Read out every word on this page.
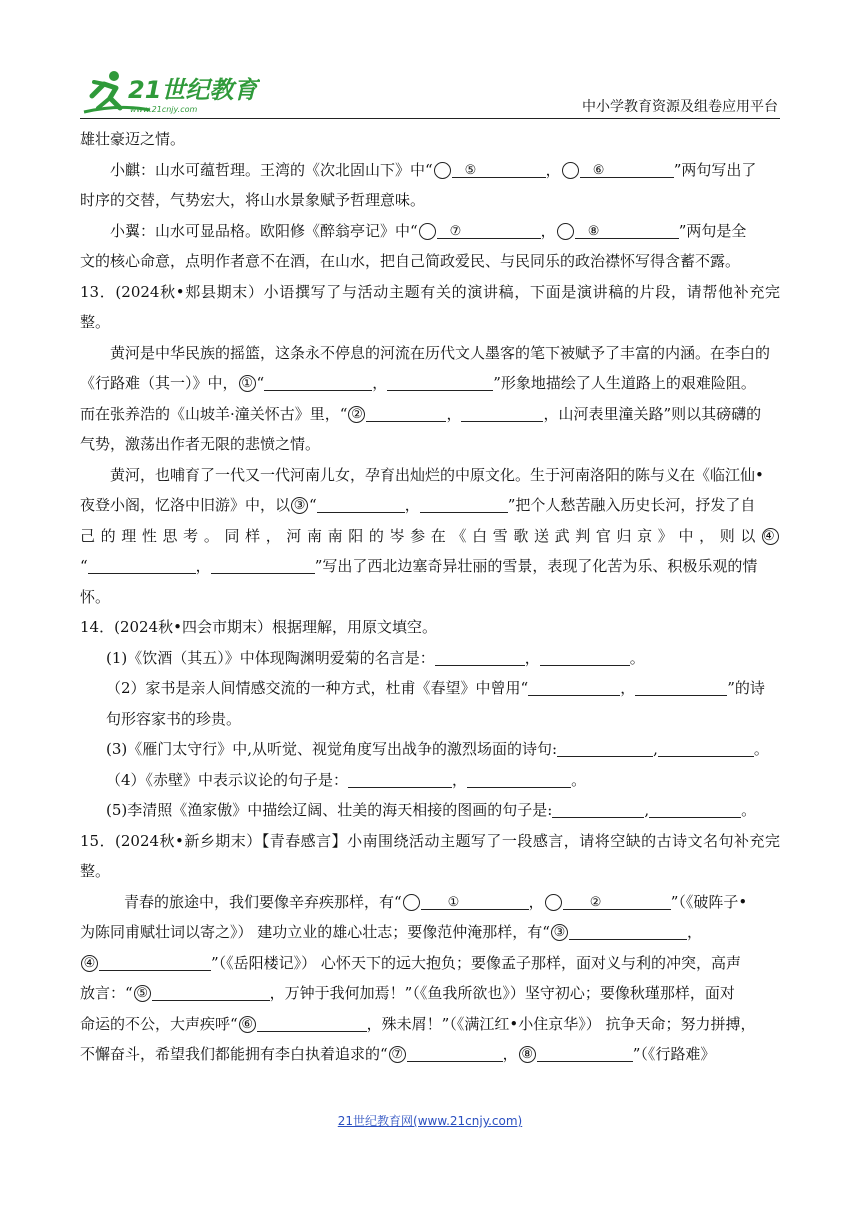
21世纪教育
www.21cnjy.com	中小学教育资源及组卷应用平台

雄壮豪迈之情。

小麒：山水可蕴哲理。王湾的《次北固山下》中“ ⑤	， ⑥	”两句写出了

时序的交替，气势宏大，将山水景象赋予哲理意味。

小翼：山水可显品格。欧阳修《醉翁亭记》中“ ⑦	， ⑧	”两句是全

文的核心命意，点明作者意不在酒，在山水，把自己简政爱民、与民同乐的政治襟怀写得含蓄不露。

13．(2024秋•郏县期末）小语撰写了与活动主题有关的演讲稿，下面是演讲稿的片段，请帮他补充完整。

黄河是中华民族的摇篮，这条永不停息的河流在历代文人墨客的笔下被赋予了丰富的内涵。在李白的

《行路难（其一）》中， ① “	，	”形象地描绘了人生道路上的艰难险阻。

而在张养浩的《山坡羊·潼关怀古》里，“ ②	，	，山河表里潼关路”则以其磅礴的

气势，激荡出作者无限的悲愤之情。

黄河，也哺育了一代又一代河南儿女，孕育出灿烂的中原文化。生于河南洛阳的陈与义在《临江仙•

夜登小阁，忆洛中旧游》中，以 ③ “	，	”把个人愁苦融入历史长河，抒发了自

己的理性思考。同样，河南南阳的岑参在《白雪歌送武判官归京》中，则以 ④

“	，	”写出了西北边塞奇异壮丽的雪景，表现了化苦为乐、积极乐观的情

怀。

14．(2024秋•四会市期末）根据理解，用原文填空。

(1)《饮酒（其五）》中体现陶渊明爱菊的名言是：	，	。

（2）家书是亲人间情感交流的一种方式，杜甫《春望》中曾用“	，	”的诗

句形容家书的珍贵。

(3)《雁门太守行》中,从听觉、视觉角度写出战争的激烈场面的诗句:	,	。

（4）《赤壁》中表示议论的句子是：	，	。

(5)李清照《渔家傲》中描绘辽阔、壮美的海天相接的图画的句子是:	,	。

15．(2024秋•新乡期末）【青春感言】小南围绕活动主题写了一段感言，请将空缺的古诗文名句补充完整。

青春的旅途中，我们要像辛弃疾那样，有“	①	，	②	”（《破阵子•

为陈同甫赋壮词以寄之》） 建功立业的雄心壮志；要像范仲淹那样，有“ ③	，

④	”（《岳阳楼记》） 心怀天下的远大抱负；要像孟子那样，面对义与利的冲突，高声

放言：“ ⑤	，万钟于我何加焉！”（《鱼我所欲也》）坚守初心；要像秋瑾那样，面对

命运的不公，大声疾呼“ ⑥	，殊未屑！”（《满江红•小住京华》） 抗争天命；努力拼搏，

不懈奋斗，希望我们都能拥有李白执着追求的“ ⑦	， ⑧	”（《行路难》

21世纪教育网(www.21cnjy.com)
